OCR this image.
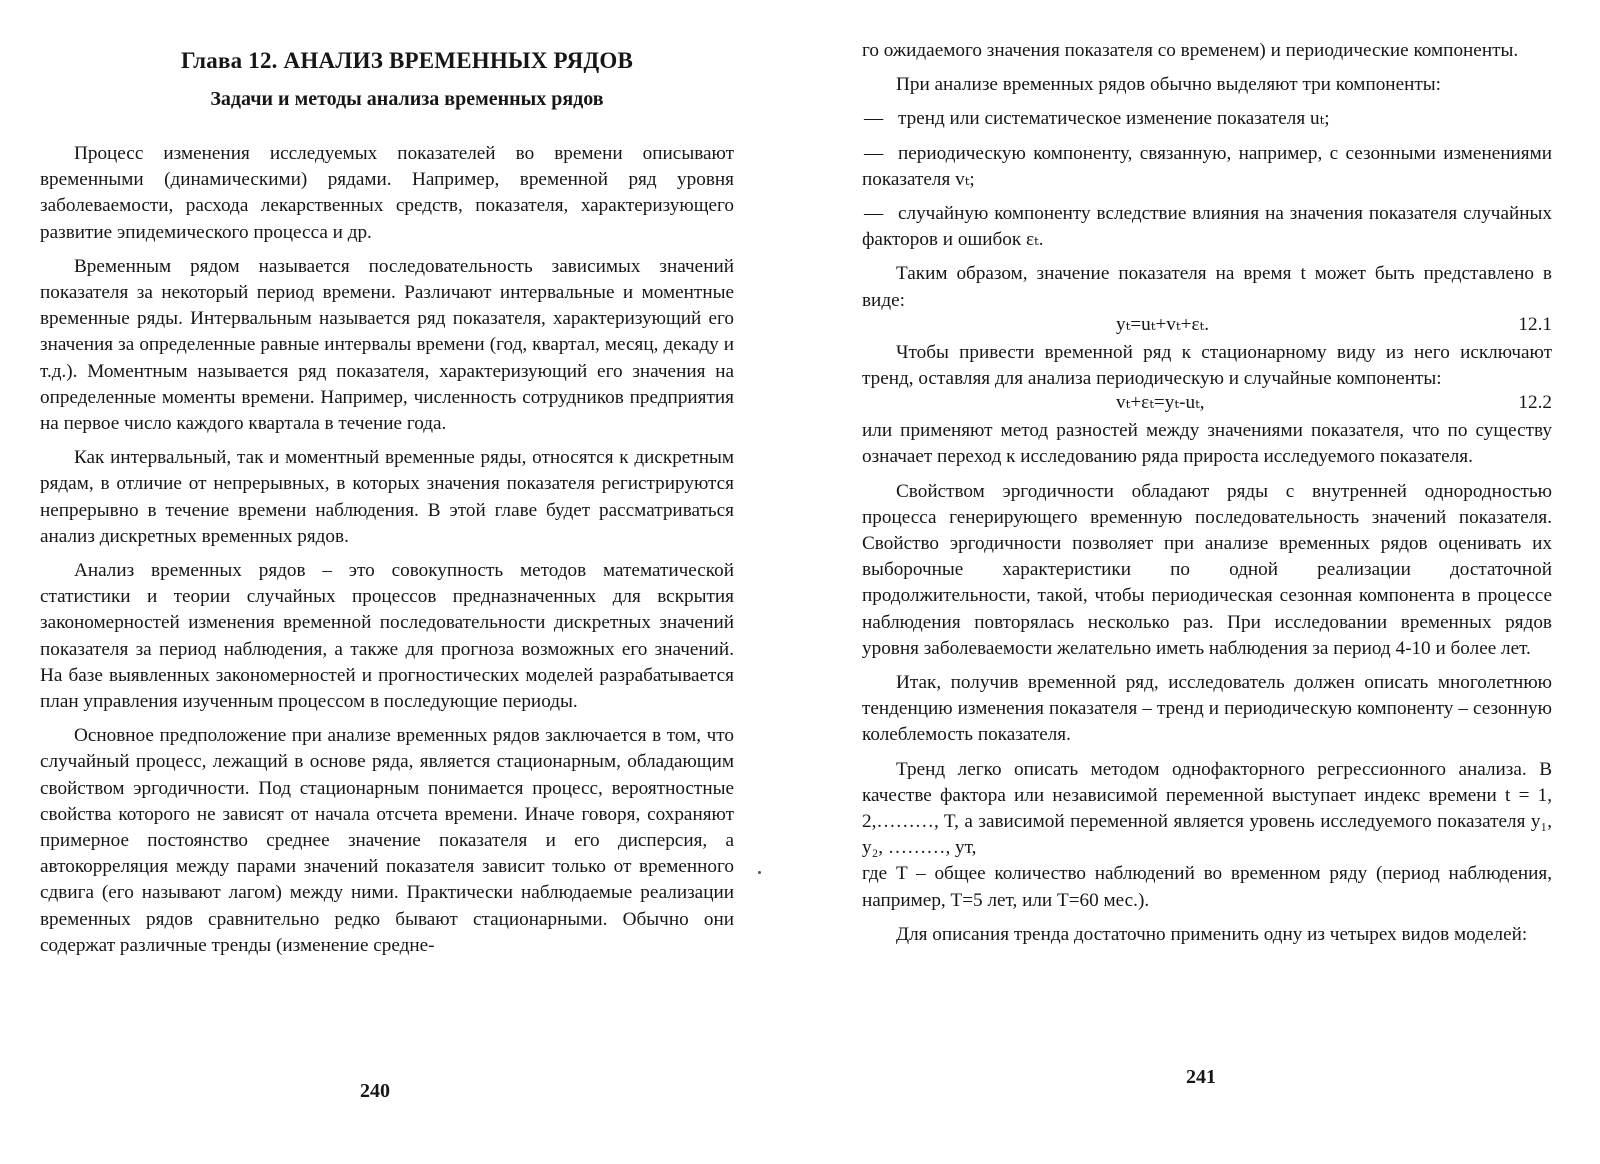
Глава 12. АНАЛИЗ ВРЕМЕННЫХ РЯДОВ
Задачи и методы анализа временных рядов

Процесс изменения исследуемых показателей во времени описывают временными (динамическими) рядами. Например, временной ряд уровня заболеваемости, расхода лекарственных средств, показателя, характеризующего развитие эпидемического процесса и др.

Временным рядом называется последовательность зависимых значений показателя за некоторый период времени. Различают интервальные и моментные временные ряды. Интервальным называется ряд показателя, характеризующий его значения за определенные равные интервалы времени (год, квартал, месяц, декаду и т.д.). Моментным называется ряд показателя, характеризующий его значения на определенные моменты времени. Например, численность сотрудников предприятия на первое число каждого квартала в течение года.

Как интервальный, так и моментный временные ряды, относятся к дискретным рядам, в отличие от непрерывных, в которых значения показателя регистрируются непрерывно в течение времени наблюдения. В этой главе будет рассматриваться анализ дискретных временных рядов.

Анализ временных рядов – это совокупность методов математической статистики и теории случайных процессов предназначенных для вскрытия закономерностей изменения временной последовательности дискретных значений показателя за период наблюдения, а также для прогноза возможных его значений. На базе выявленных закономерностей и прогностических моделей разрабатывается план управления изученным процессом в последующие периоды.

Основное предположение при анализе временных рядов заключается в том, что случайный процесс, лежащий в основе ряда, является стационарным, обладающим свойством эргодичности. Под стационарным понимается процесс, вероятностные свойства которого не зависят от начала отсчета времени. Иначе говоря, сохраняют примерное постоянство среднее значение показателя и его дисперсия, а автокорреляция между парами значений показателя зависит только от временного сдвига (его называют лагом) между ними. Практически наблюдаемые реализации временных рядов сравнительно редко бывают стационарными. Обычно они содержат различные тренды (изменение средне-

240

го ожидаемого значения показателя со временем) и периодические компоненты.

При анализе временных рядов обычно выделяют три компоненты:

— тренд или систематическое изменение показателя uₜ;
— периодическую компоненту, связанную, например, с сезонными изменениями показателя vₜ;
— случайную компоненту вследствие влияния на значения показателя случайных факторов и ошибок εₜ.

Таким образом, значение показателя на время t может быть представлено в виде:

yₜ=uₜ+vₜ+εₜ.	12.1

Чтобы привести временной ряд к стационарному виду из него исключают тренд, оставляя для анализа периодическую и случайные компоненты:

vₜ+εₜ=yₜ-uₜ,	12.2

или применяют метод разностей между значениями показателя, что по существу означает переход к исследованию ряда прироста исследуемого показателя.

Свойством эргодичности обладают ряды с внутренней однородностью процесса генерирующего временную последовательность значений показателя. Свойство эргодичности позволяет при анализе временных рядов оценивать их выборочные характеристики по одной реализации достаточной продолжительности, такой, чтобы периодическая сезонная компонента в процессе наблюдения повторялась несколько раз. При исследовании временных рядов уровня заболеваемости желательно иметь наблюдения за период 4-10 и более лет.

Итак, получив временной ряд, исследователь должен описать многолетнюю тенденцию изменения показателя – тренд и периодическую компоненту – сезонную колеблемость показателя.

Тренд легко описать методом однофакторного регрессионного анализа. В качестве фактора или независимой переменной выступает индекс времени t = 1, 2,………, T, а зависимой переменной является уровень исследуемого показателя y₁, y₂, ………, yт,

где T – общее количество наблюдений во временном ряду (период наблюдения, например, T=5 лет, или T=60 мес.).

Для описания тренда достаточно применить одну из четырех видов моделей:

241
